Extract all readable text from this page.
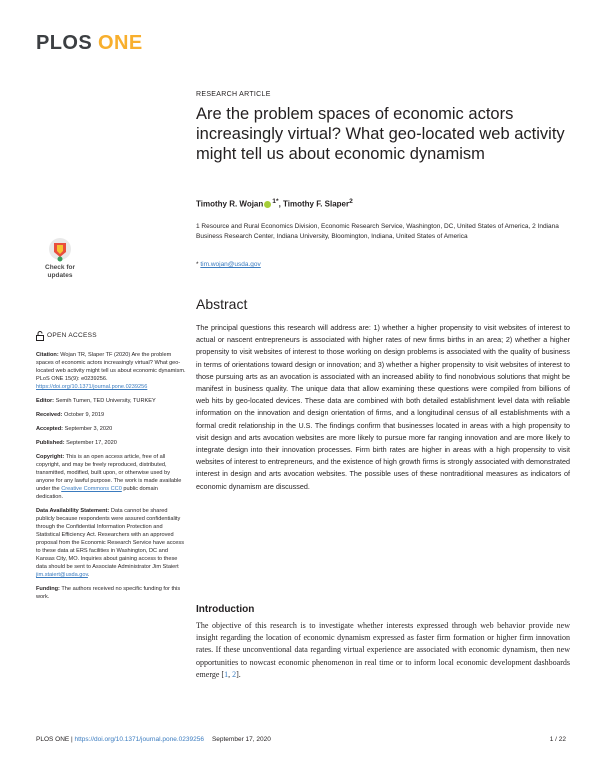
PLOS ONE
RESEARCH ARTICLE
Are the problem spaces of economic actors increasingly virtual? What geo-located web activity might tell us about economic dynamism
Timothy R. Wojan $^{1*}$, Timothy F. Slaper$^2$
1 Resource and Rural Economics Division, Economic Research Service, Washington, DC, United States of America, 2 Indiana Business Research Center, Indiana University, Bloomington, Indiana, United States of America
* tim.wojan@usda.gov
Check for
updates
OPEN ACCESS

Citation: Wojan TR, Slaper TF (2020) Are the problem spaces of economic actors increasingly virtual? What geo-located web activity might tell us about economic dynamism. PLoS ONE 15(9): e0239256. https://doi.org/10.1371/journal.pone.0239256

Editor: Semih Tumen, TED University, TURKEY

Received: October 9, 2019

Accepted: September 3, 2020

Published: September 17, 2020

Copyright: This is an open access article, free of all copyright, and may be freely reproduced, distributed, transmitted, modified, built upon, or otherwise used by anyone for any lawful purpose. The work is made available under the Creative Commons CC0 public domain dedication.

Data Availability Statement: Data cannot be shared publicly because respondents were assured confidentiality through the Confidential Information Protection and Statistical Efficiency Act. Researchers with an approved proposal from the Economic Research Service have access to these data at ERS facilities in Washington, DC and Kansas City, MO. Inquiries about gaining access to these data should be sent to Associate Administrator Jim Staiert jim.staiert@usda.gov.

Funding: The authors received no specific funding for this work.

Abstract
The principal questions this research will address are: 1) whether a higher propensity to visit websites of interest to actual or nascent entrepreneurs is associated with higher rates of new firms births in an area; 2) whether a higher propensity to visit websites of interest to those working on design problems is associated with the quality of business in terms of orientations toward design or innovation; and 3) whether a higher propensity to visit websites of interest to those pursuing arts as an avocation is associated with an increased ability to find nonobvious solutions that might be manifest in business quality. The unique data that allow examining these questions were compiled from billions of web hits by geo-located devices. These data are combined with both detailed establishment level data with reliable information on the innovation and design orientation of firms, and a longitudinal census of all establishments with a formal credit relationship in the U.S. The findings confirm that businesses located in areas with a high propensity to visit design and arts avocation websites are more likely to pursue more far ranging innovation and are more likely to integrate design into their innovation processes. Firm birth rates are higher in areas with a high propensity to visit websites of interest to entrepreneurs, and the existence of high growth firms is strongly associated with demonstrated interest in design and arts avocation websites. The possible uses of these nontraditional measures as indicators of economic dynamism are discussed.
Introduction
The objective of this research is to investigate whether interests expressed through web behavior provide new insight regarding the location of economic dynamism expressed as faster firm formation or higher firm innovation rates. If these unconventional data regarding virtual experience are associated with economic dynamism, then new opportunities to nowcast economic phenomenon in real time or to inform local economic development dashboards emerge [1, 2].
PLOS ONE | https://doi.org/10.1371/journal.pone.0239256 September 17, 2020	1 / 22
